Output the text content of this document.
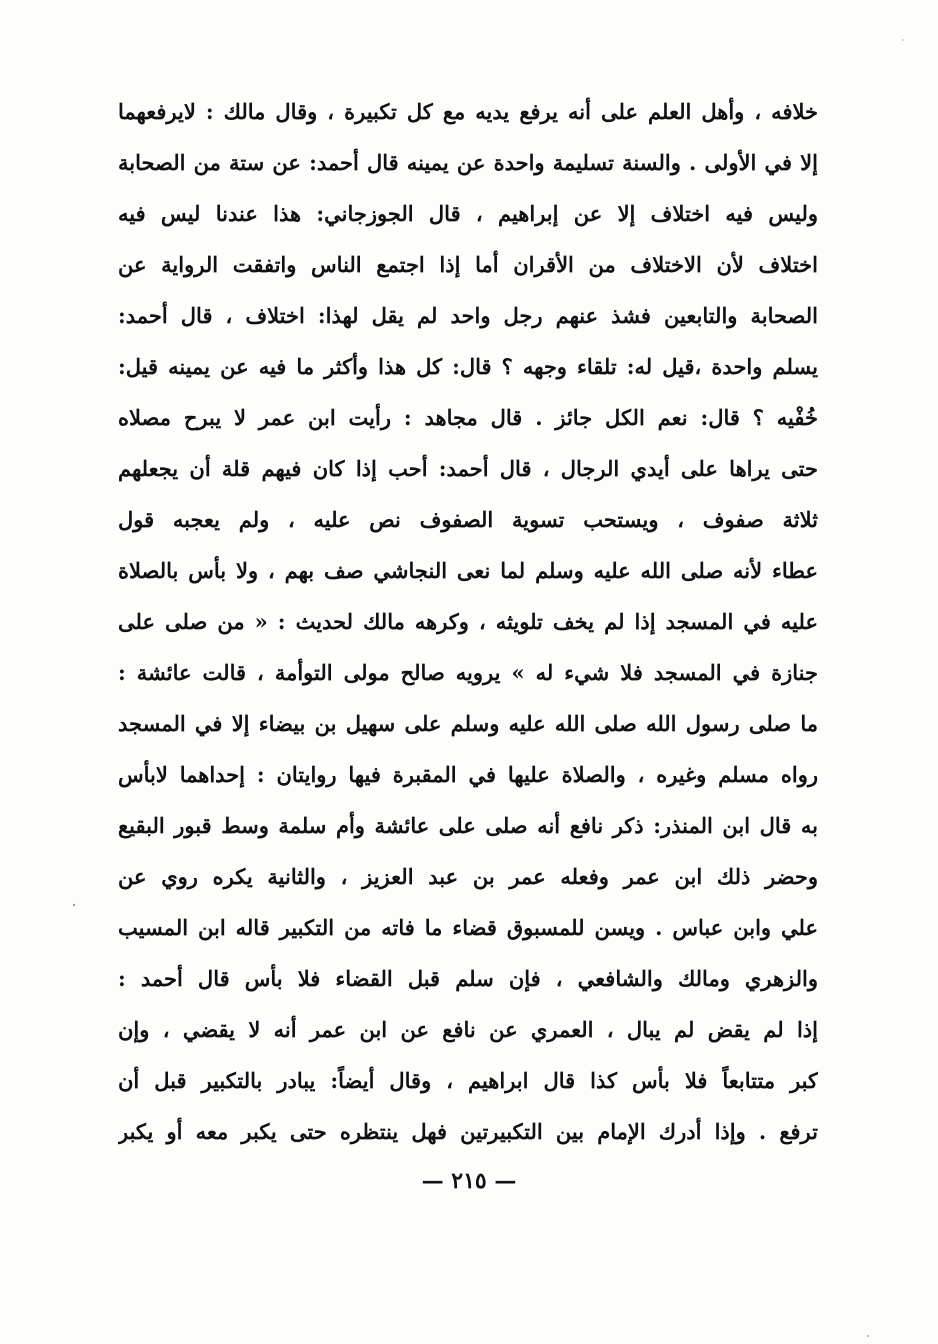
خلافه ، وأهل العلم على أنه يرفع يديه مع كل تكبيرة ، وقال مالك : لايرفعهما
إلا في الأولى . والسنة تسليمة واحدة عن يمينه قال أحمد: عن ستة من الصحابة
وليس فيه اختلاف إلا عن إبراهيم ، قال الجوزجاني: هذا عندنا ليس فيه
اختلاف لأن الاختلاف من الأقران أما إذا اجتمع الناس واتفقت الرواية عن
الصحابة والتابعين فشذ عنهم رجل واحد لم يقل لهذا: اختلاف ، قال أحمد:
يسلم واحدة ،قيل له: تلقاء وجهه ؟ قال: كل هذا وأكثر ما فيه عن يمينه قيل:
خُفْيه ؟ قال: نعم الكل جائز . قال مجاهد : رأيت ابن عمر لا يبرح مصلاه
حتى يراها على أيدي الرجال ، قال أحمد: أحب إذا كان فيهم قلة أن يجعلهم
ثلاثة صفوف ، ويستحب تسوية الصفوف نص عليه ، ولم يعجبه قول
عطاء لأنه صلى الله عليه وسلم لما نعى النجاشي صف بهم ، ولا بأس بالصلاة
عليه في المسجد إذا لم يخف تلويثه ، وكرهه مالك لحديث : « من صلى على
جنازة في المسجد فلا شيء له » يرويه صالح مولى التوأمة ، قالت عائشة :
ما صلى رسول الله صلى الله عليه وسلم على سهيل بن بيضاء إلا في المسجد
رواه مسلم وغيره ، والصلاة عليها في المقبرة فيها روايتان : إحداهما لابأس
به قال ابن المنذر: ذكر نافع أنه صلى على عائشة وأم سلمة وسط قبور البقيع
وحضر ذلك ابن عمر وفعله عمر بن عبد العزيز ، والثانية يكره روي عن
علي وابن عباس . ويسن للمسبوق قضاء ما فاته من التكبير قاله ابن المسيب
والزهري ومالك والشافعي ، فإن سلم قبل القضاء فلا بأس قال أحمد :
إذا لم يقض لم يبال ، العمري عن نافع عن ابن عمر أنه لا يقضي ، وإن
كبر متتابعاً فلا بأس كذا قال ابراهيم ، وقال أيضاً: يبادر بالتكبير قبل أن
ترفع . وإذا أدرك الإمام بين التكبيرتين فهل ينتظره حتى يكبر معه أو يكبر
— ٢١٥ —
